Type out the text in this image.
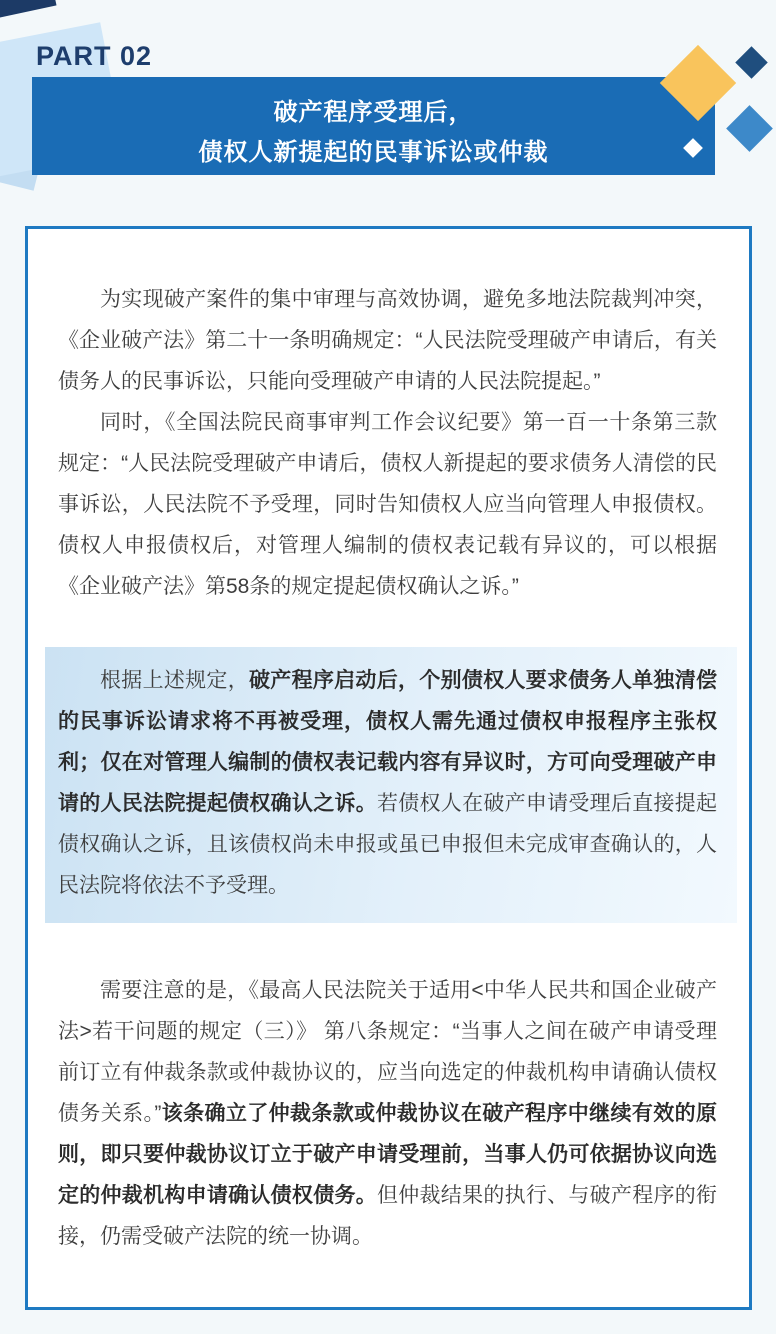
PART 02
破产程序受理后，
债权人新提起的民事诉讼或仲裁

为实现破产案件的集中审理与高效协调，避免多地法院裁判冲突，《企业破产法》第二十一条明确规定：“人民法院受理破产申请后，有关债务人的民事诉讼，只能向受理破产申请的人民法院提起。”

同时，《全国法院民商事审判工作会议纪要》第一百一十条第三款规定：“人民法院受理破产申请后，债权人新提起的要求债务人清偿的民事诉讼，人民法院不予受理，同时告知债权人应当向管理人申报债权。债权人申报债权后，对管理人编制的债权表记载有异议的，可以根据《企业破产法》第58条的规定提起债权确认之诉。”

根据上述规定，破产程序启动后，个别债权人要求债务人单独清偿的民事诉讼请求将不再被受理，债权人需先通过债权申报程序主张权利；仅在对管理人编制的债权表记载内容有异议时，方可向受理破产申请的人民法院提起债权确认之诉。若债权人在破产申请受理后直接提起债权确认之诉，且该债权尚未申报或虽已申报但未完成审查确认的，人民法院将依法不予受理。

需要注意的是，《最高人民法院关于适用<中华人民共和国企业破产法>若干问题的规定（三）》 第八条规定：“当事人之间在破产申请受理前订立有仲裁条款或仲裁协议的，应当向选定的仲裁机构申请确认债权债务关系。”该条确立了仲裁条款或仲裁协议在破产程序中继续有效的原则，即只要仲裁协议订立于破产申请受理前，当事人仍可依据协议向选定的仲裁机构申请确认债权债务。但仲裁结果的执行、与破产程序的衔接，仍需受破产法院的统一协调。
